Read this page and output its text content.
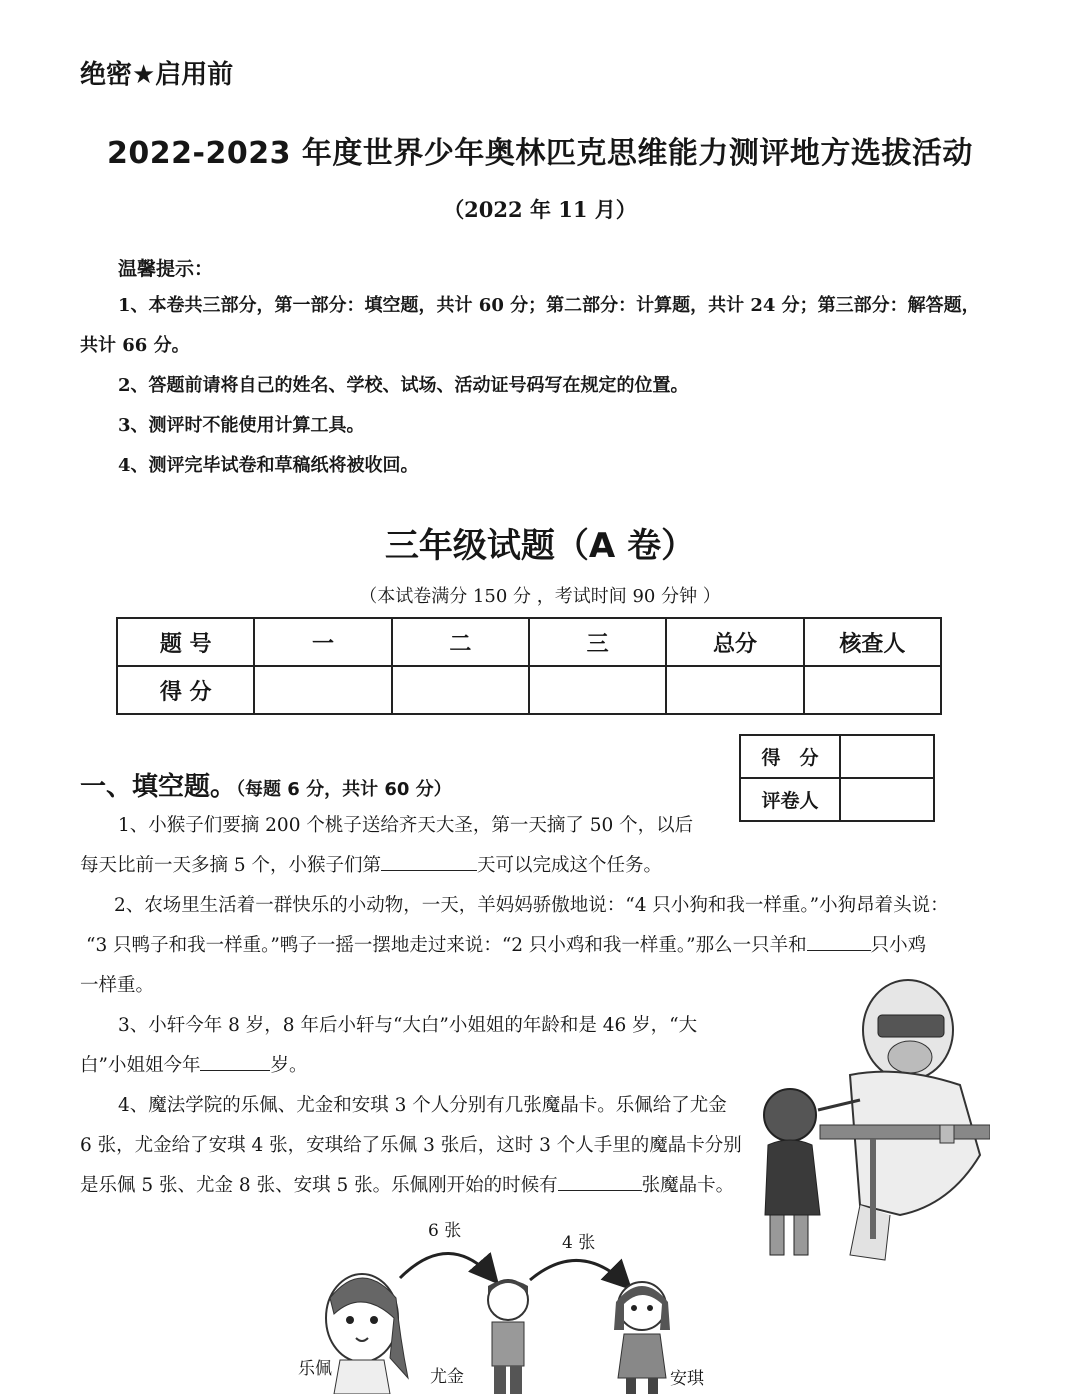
绝密★启用前
2022-2023 年度世界少年奥林匹克思维能力测评地方选拔活动
（2022 年 11 月）
温馨提示：
1、本卷共三部分，第一部分：填空题，共计 60 分；第二部分：计算题，共计 24 分；第三部分：解答题，
共计 66 分。
2、答题前请将自己的姓名、学校、试场、活动证号码写在规定的位置。
3、测评时不能使用计算工具。
4、测评完毕试卷和草稿纸将被收回。
三年级试题（A 卷）
（本试卷满分 150 分 ，考试时间 90 分钟 ）
题 号	一	二	三	总分	核查人
得 分					
得　分	
评卷人	
一、填空题。（每题 6 分，共计 60 分）
1、小猴子们要摘 200 个桃子送给齐天大圣，第一天摘了 50 个，以后
每天比前一天多摘 5 个，小猴子们第	天可以完成这个任务。
2、农场里生活着一群快乐的小动物，一天，羊妈妈骄傲地说：“4 只小狗和我一样重。”小狗昂着头说：
“3 只鸭子和我一样重。”鸭子一摇一摆地走过来说：“2 只小鸡和我一样重。”那么一只羊和	只小鸡
一样重。
3、小轩今年 8 岁，8 年后小轩与“大白”小姐姐的年龄和是 46 岁，“大
白”小姐姐今年	岁。
4、魔法学院的乐佩、尤金和安琪 3 个人分别有几张魔晶卡。乐佩给了尤金
6 张，尤金给了安琪 4 张，安琪给了乐佩 3 张后，这时 3 个人手里的魔晶卡分别
是乐佩 5 张、尤金 8 张、安琪 5 张。乐佩刚开始的时候有	张魔晶卡。
6 张
4 张
乐佩	尤金	安琪
